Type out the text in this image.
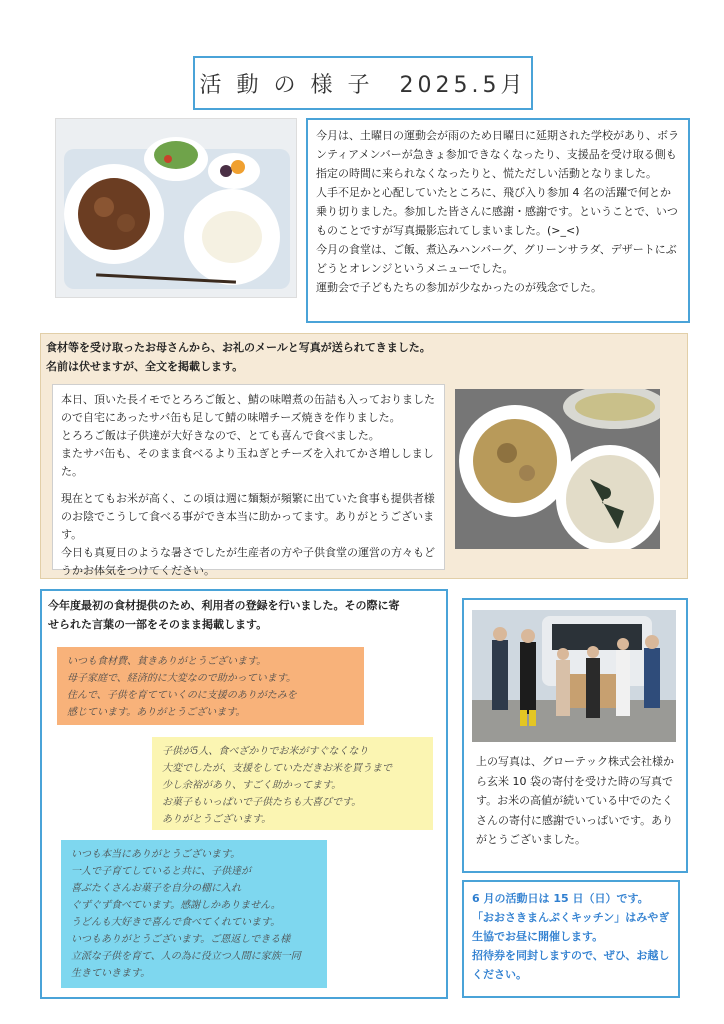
活 動 の 様 子　2025.5月

今月は、土曜日の運動会が雨のため日曜日に延期された学校があり、ボランティアメンバーが急きょ参加できなくなったり、支援品を受け取る側も指定の時間に来られなくなったりと、慌ただしい活動となりました。

人手不足かと心配していたところに、飛び入り参加 4 名の活躍で何とか乗り切りました。参加した皆さんに感謝・感謝です。ということで、いつものことですが写真撮影忘れてしまいました。(>_<)

今月の食堂は、ご飯、煮込みハンバーグ、グリーンサラダ、デザートにぶどうとオレンジというメニューでした。

運動会で子どもたちの参加が少なかったのが残念でした。

食材等を受け取ったお母さんから、お礼のメールと写真が送られてきました。

名前は伏せますが、全文を掲載します。

本日、頂いた長イモでとろろご飯と、鯖の味噌煮の缶詰も入っておりましたので自宅にあったサバ缶も足して鯖の味噌チーズ焼きを作りました。

とろろご飯は子供達が大好きなので、とても喜んで食べました。

またサバ缶も、そのまま食べるより玉ねぎとチーズを入れてかさ増ししました。

現在とてもお米が高く、この頃は週に麺類が頻繁に出ていた食事も提供者様のお陰でこうして食べる事ができ本当に助かってます。ありがとうございます。

今日も真夏日のような暑さでしたが生産者の方や子供食堂の運営の方々もどうかお体気をつけてください。

今年度最初の食材提供のため、利用者の登録を行いました。その際に寄

せられた言葉の一部をそのまま掲載します。

いつも食材費、貧きありがとうございます。
母子家庭で、経済的に大変なので助かっています。
住んで、子供を育てていくのに支援のありがたみを
感じています。ありがとうございます。
子供が5人、食べざかりでお米がすぐなくなり
大変でしたが、支援をしていただきお米を買うまで
少し余裕があり、すごく助かってます。
お菓子もいっぱいで子供たちも大喜びです。
ありがとうございます。
いつも本当にありがとうございます。
一人で子育てしていると共に、子供達が
喜ぶたくさんお菓子を自分の棚に入れ
ぐずぐず食べています。感謝しかありません。
うどんも大好きで喜んで食べてくれています。
いつもありがとうございます。ご恩返しできる様
立派な子供を育て、人の為に役立つ人間に家族一同
生きていきます。

上の写真は、グローテック株式会社様から玄米 10 袋の寄付を受けた時の写真です。お米の高値が続いている中でのたくさんの寄付に感謝でいっぱいです。ありがとうございました。

6 月の活動日は 15 日（日）です。

「おおさきまんぷくキッチン」はみやぎ生協でお昼に開催します。

招待券を同封しますので、ぜひ、お越しください。
